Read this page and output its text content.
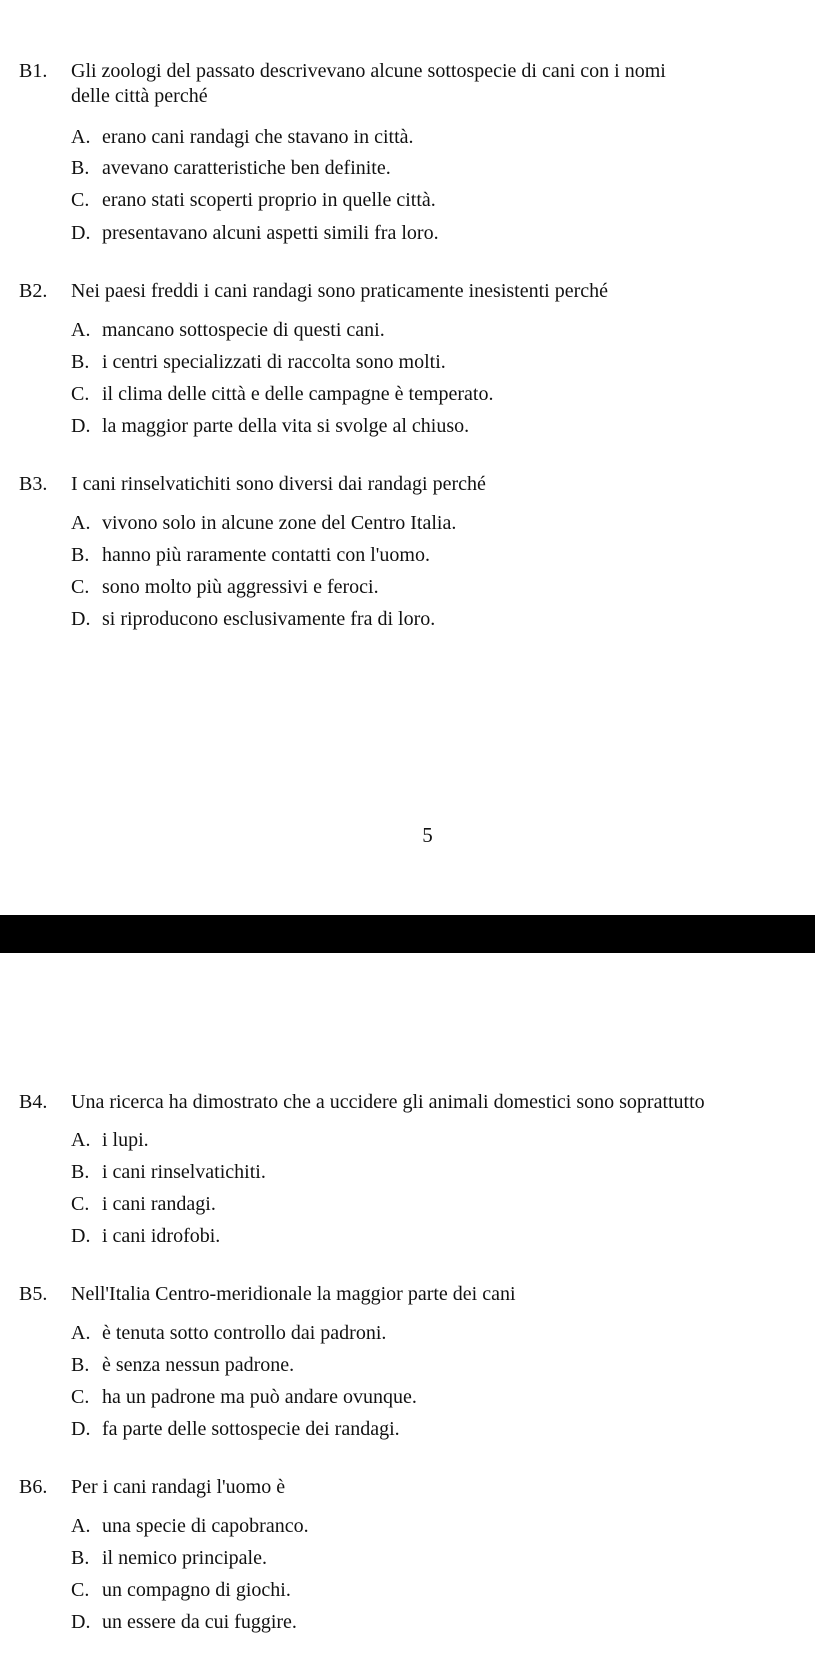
B1. Gli zoologi del passato descrivevano alcune sottospecie di cani con i nomi
delle città perché
A. erano cani randagi che stavano in città.
B. avevano caratteristiche ben definite.
C. erano stati scoperti proprio in quelle città.
D. presentavano alcuni aspetti simili fra loro.
B2. Nei paesi freddi i cani randagi sono praticamente inesistenti perché
A. mancano sottospecie di questi cani.
B. i centri specializzati di raccolta sono molti.
C. il clima delle città e delle campagne è temperato.
D. la maggior parte della vita si svolge al chiuso.
B3. I cani rinselvatichiti sono diversi dai randagi perché
A. vivono solo in alcune zone del Centro Italia.
B. hanno più raramente contatti con l'uomo.
C. sono molto più aggressivi e feroci.
D. si riproducono esclusivamente fra di loro.
5
B4. Una ricerca ha dimostrato che a uccidere gli animali domestici sono soprattutto
A. i lupi.
B. i cani rinselvatichiti.
C. i cani randagi.
D. i cani idrofobi.
B5. Nell'Italia Centro-meridionale la maggior parte dei cani
A. è tenuta sotto controllo dai padroni.
B. è senza nessun padrone.
C. ha un padrone ma può andare ovunque.
D. fa parte delle sottospecie dei randagi.
B6. Per i cani randagi l'uomo è
A. una specie di capobranco.
B. il nemico principale.
C. un compagno di giochi.
D. un essere da cui fuggire.
